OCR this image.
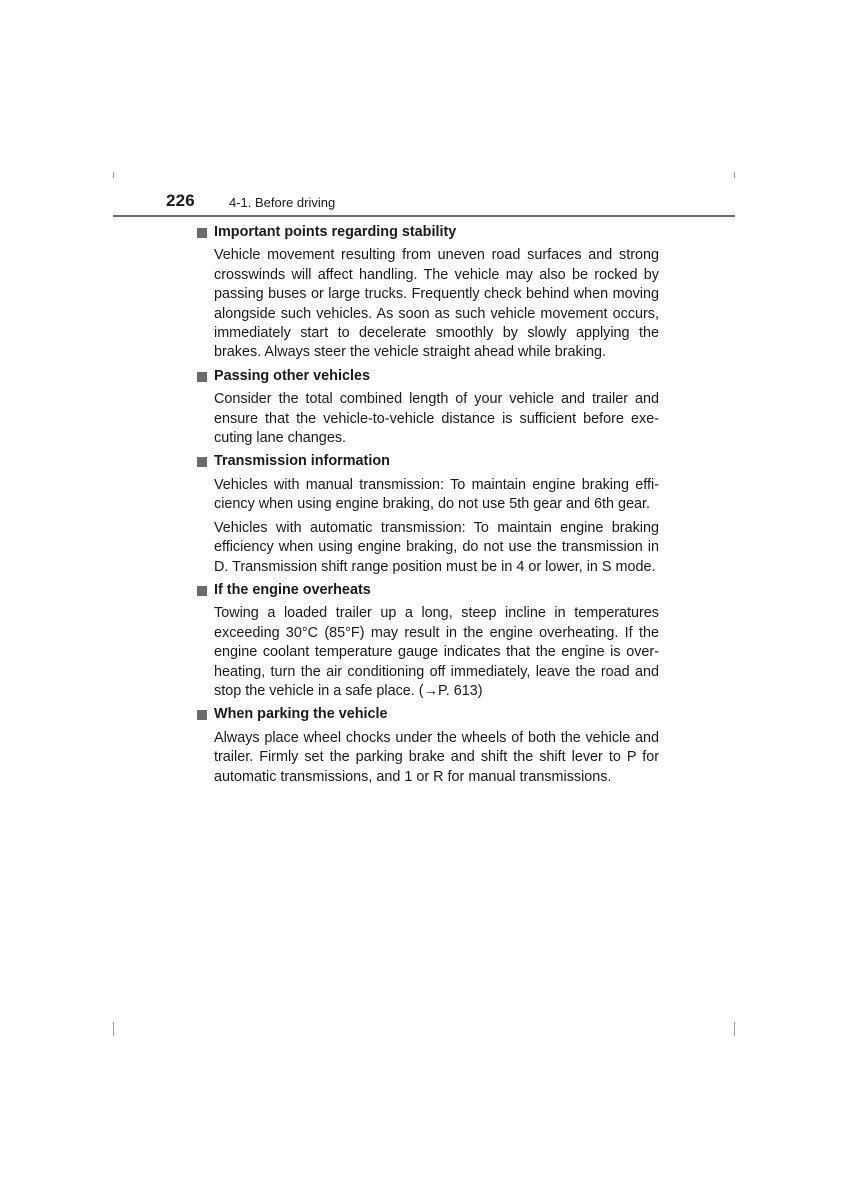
226	4-1. Before driving
Important points regarding stability

Vehicle movement resulting from uneven road surfaces and strong crosswinds will affect handling. The vehicle may also be rocked by passing buses or large trucks. Frequently check behind when moving alongside such vehicles. As soon as such vehicle movement occurs, immediately start to decelerate smoothly by slowly applying the brakes. Always steer the vehicle straight ahead while braking.

Passing other vehicles

Consider the total combined length of your vehicle and trailer and ensure that the vehicle-to-vehicle distance is sufficient before executing lane changes.

Transmission information

Vehicles with manual transmission: To maintain engine braking efficiency when using engine braking, do not use 5th gear and 6th gear.

Vehicles with automatic transmission: To maintain engine braking efficiency when using engine braking, do not use the transmission in D. Transmission shift range position must be in 4 or lower, in S mode.

If the engine overheats

Towing a loaded trailer up a long, steep incline in temperatures exceeding 30°C (85°F) may result in the engine overheating. If the engine coolant temperature gauge indicates that the engine is overheating, turn the air conditioning off immediately, leave the road and stop the vehicle in a safe place. (→P. 613)

When parking the vehicle

Always place wheel chocks under the wheels of both the vehicle and trailer. Firmly set the parking brake and shift the shift lever to P for automatic transmissions, and 1 or R for manual transmissions.
